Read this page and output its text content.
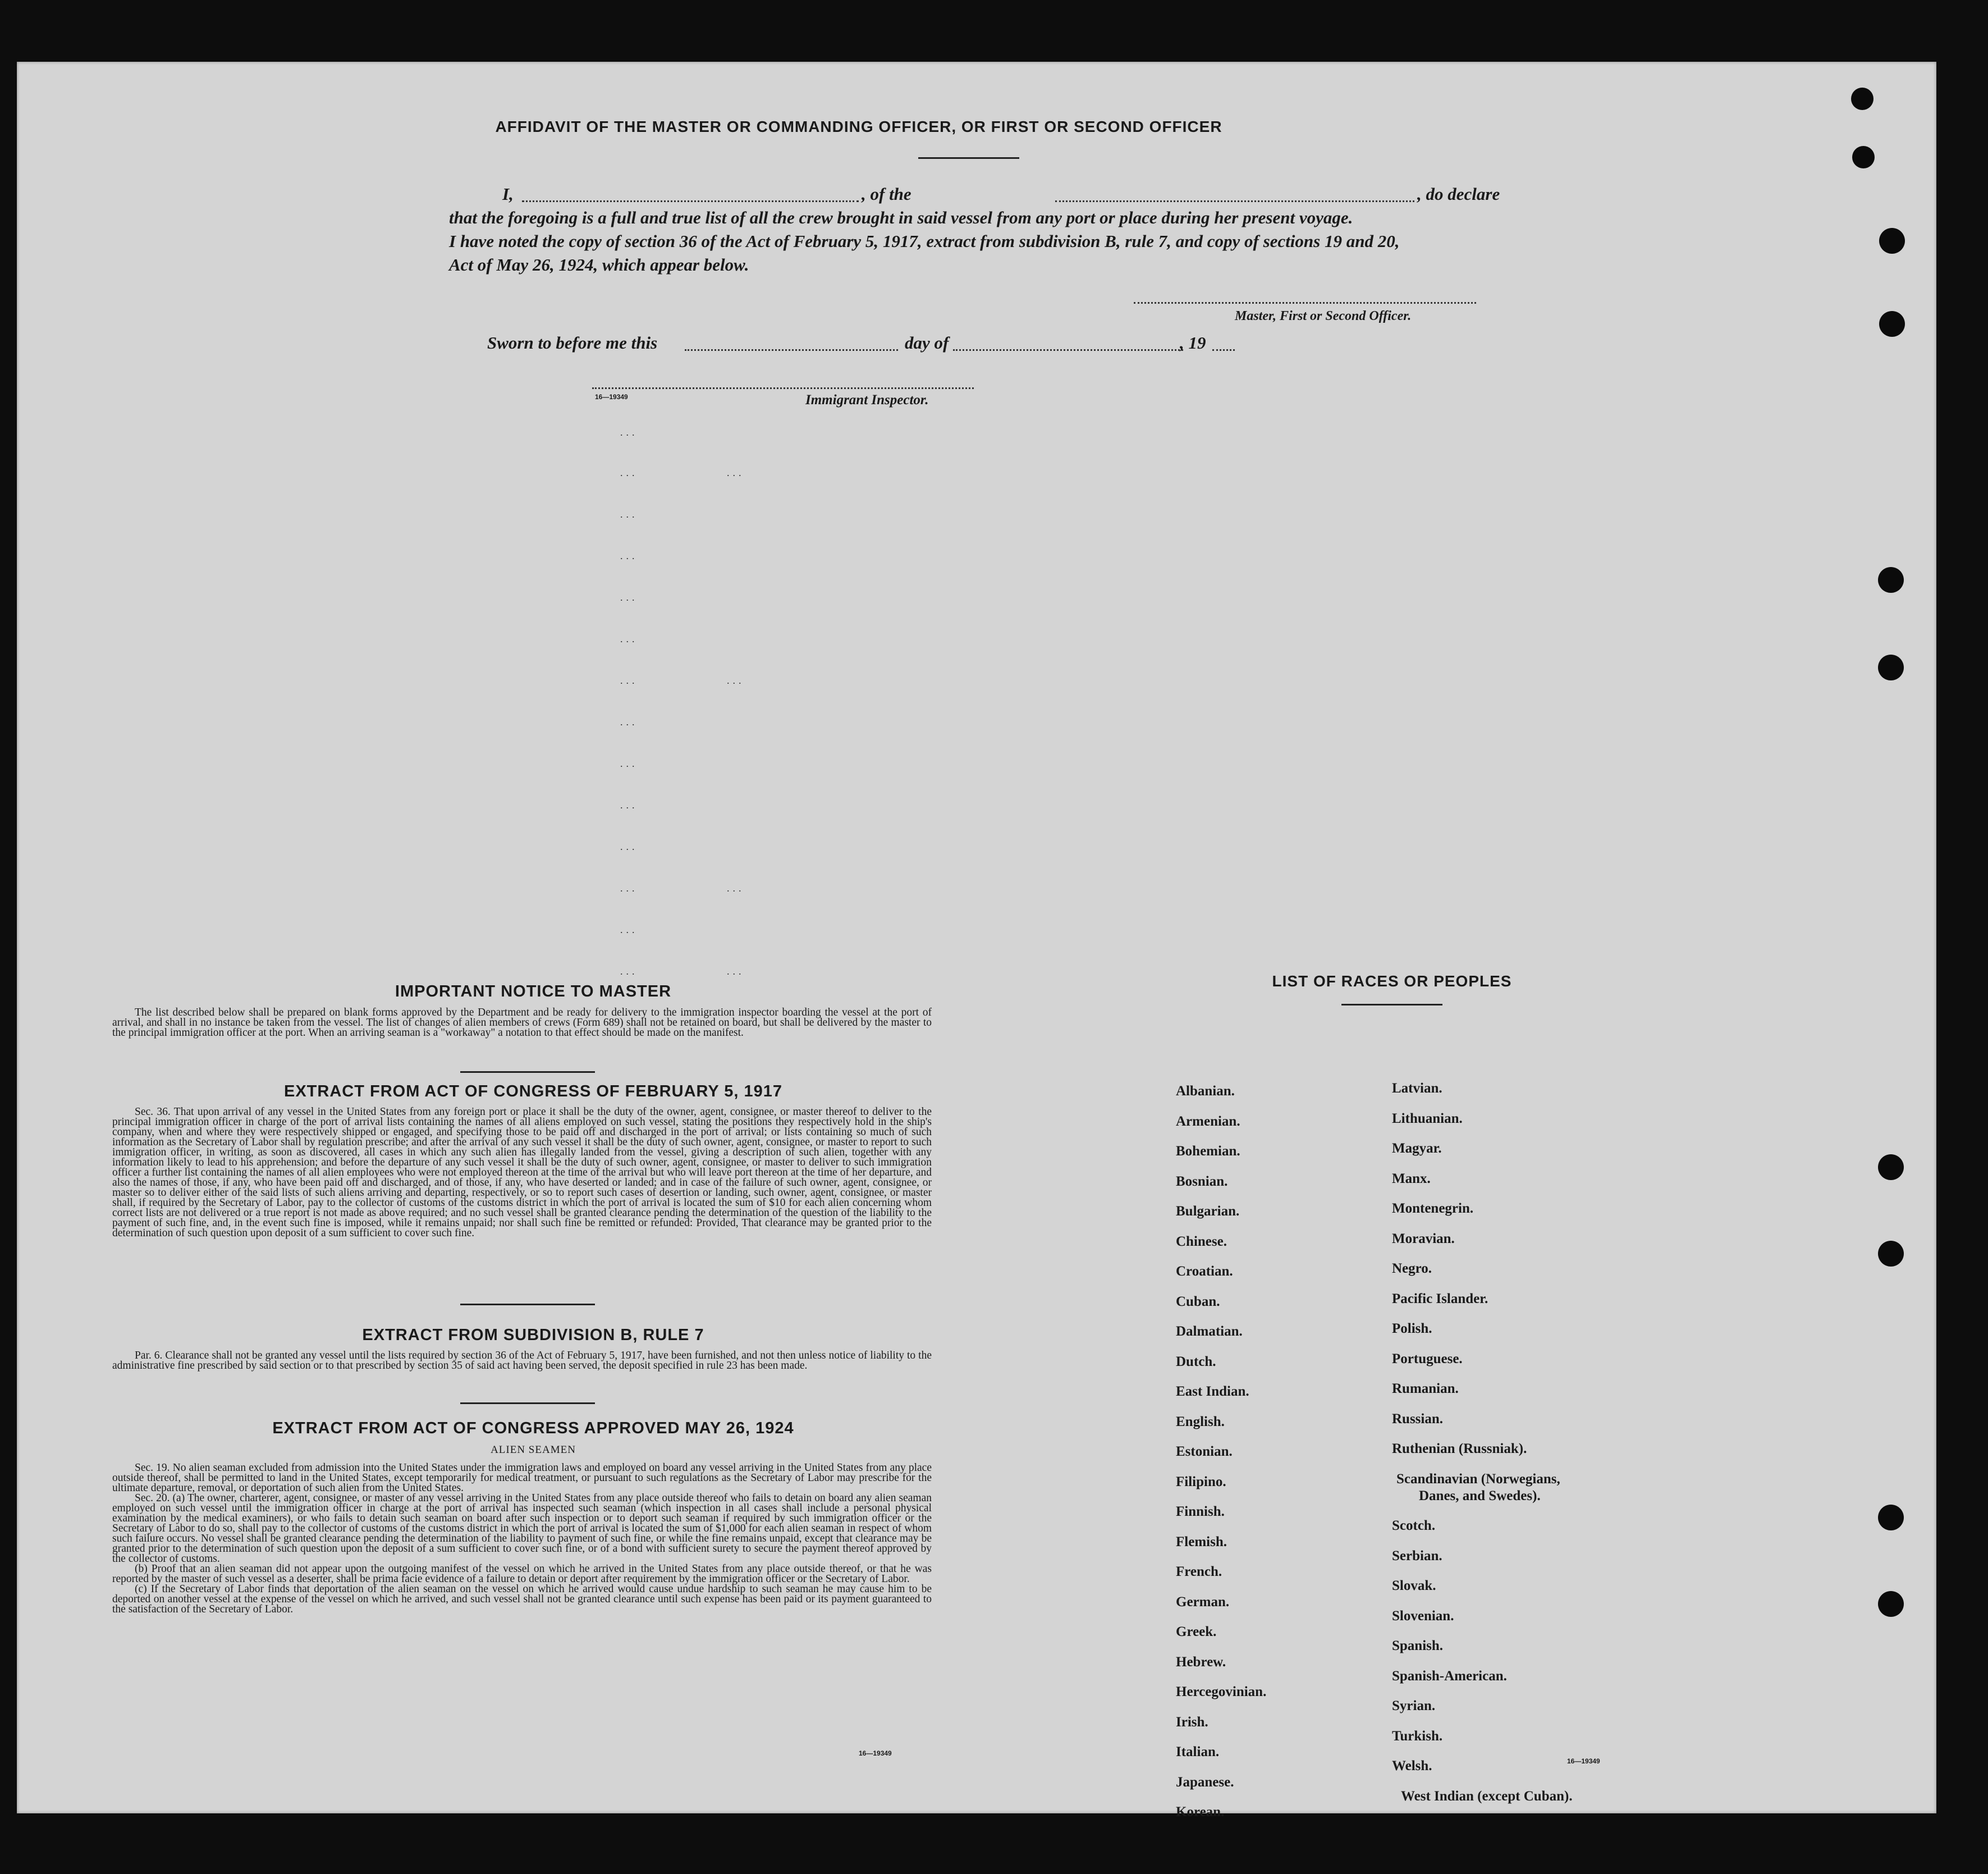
AFFIDAVIT OF THE MASTER OR COMMANDING OFFICER, OR FIRST OR SECOND OFFICER

I,	, of the	, do declare

that the foregoing is a full and true list of all the crew brought in said vessel from any port or place during her present voyage.

I have noted the copy of section 36 of the Act of February 5, 1917, extract from subdivision B, rule 7, and copy of sections 19 and 20,

Act of May 26, 1924, which appear below.

Master, First or Second Officer.
Sworn to before me this	day of	, 19
16—19349	Immigrant Inspector.
...
...
...
...
...
...
...
...
...
...
...
...
...
...
...
...
...
...
IMPORTANT NOTICE TO MASTER
The list described below shall be prepared on blank forms approved by the Department and be ready for delivery to the immigration inspector boarding the vessel at the port of arrival, and shall in no instance be taken from the vessel. The list of changes of alien members of crews (Form 689) shall not be retained on board, but shall be delivered by the master to the principal immigration officer at the port. When an arriving seaman is a "workaway" a notation to that effect should be made on the manifest.
EXTRACT FROM ACT OF CONGRESS OF FEBRUARY 5, 1917
Sec. 36. That upon arrival of any vessel in the United States from any foreign port or place it shall be the duty of the owner, agent, consignee, or master thereof to deliver to the principal immigration officer in charge of the port of arrival lists containing the names of all aliens employed on such vessel, stating the positions they respectively hold in the ship's company, when and where they were respectively shipped or engaged, and specifying those to be paid off and discharged in the port of arrival; or lists containing so much of such information as the Secretary of Labor shall by regulation prescribe; and after the arrival of any such vessel it shall be the duty of such owner, agent, consignee, or master to report to such immigration officer, in writing, as soon as discovered, all cases in which any such alien has illegally landed from the vessel, giving a description of such alien, together with any information likely to lead to his apprehension; and before the departure of any such vessel it shall be the duty of such owner, agent, consignee, or master to deliver to such immigration officer a further list containing the names of all alien employees who were not employed thereon at the time of the arrival but who will leave port thereon at the time of her departure, and also the names of those, if any, who have been paid off and discharged, and of those, if any, who have deserted or landed; and in case of the failure of such owner, agent, consignee, or master so to deliver either of the said lists of such aliens arriving and departing, respectively, or so to report such cases of desertion or landing, such owner, agent, consignee, or master shall, if required by the Secretary of Labor, pay to the collector of customs of the customs district in which the port of arrival is located the sum of $10 for each alien concerning whom correct lists are not delivered or a true report is not made as above required; and no such vessel shall be granted clearance pending the determination of the question of the liability to the payment of such fine, and, in the event such fine is imposed, while it remains unpaid; nor shall such fine be remitted or refunded: Provided, That clearance may be granted prior to the determination of such question upon deposit of a sum sufficient to cover such fine.
EXTRACT FROM SUBDIVISION B, RULE 7
Par. 6. Clearance shall not be granted any vessel until the lists required by section 36 of the Act of February 5, 1917, have been furnished, and not then unless notice of liability to the administrative fine prescribed by said section or to that prescribed by section 35 of said act having been served, the deposit specified in rule 23 has been made.
EXTRACT FROM ACT OF CONGRESS APPROVED MAY 26, 1924
ALIEN SEAMEN

Sec. 19. No alien seaman excluded from admission into the United States under the immigration laws and employed on board any vessel arriving in the United States from any place outside thereof, shall be permitted to land in the United States, except temporarily for medical treatment, or pursuant to such regulations as the Secretary of Labor may prescribe for the ultimate departure, removal, or deportation of such alien from the United States.

Sec. 20. (a) The owner, charterer, agent, consignee, or master of any vessel arriving in the United States from any place outside thereof who fails to detain on board any alien seaman employed on such vessel until the immigration officer in charge at the port of arrival has inspected such seaman (which inspection in all cases shall include a personal physical examination by the medical examiners), or who fails to detain such seaman on board after such inspection or to deport such seaman if required by such immigration officer or the Secretary of Labor to do so, shall pay to the collector of customs of the customs district in which the port of arrival is located the sum of $1,000 for each alien seaman in respect of whom such failure occurs. No vessel shall be granted clearance pending the determination of the liability to payment of such fine, or while the fine remains unpaid, except that clearance may be granted prior to the determination of such question upon the deposit of a sum sufficient to cover such fine, or of a bond with sufficient surety to secure the payment thereof approved by the collector of customs.

(b) Proof that an alien seaman did not appear upon the outgoing manifest of the vessel on which he arrived in the United States from any place outside thereof, or that he was reported by the master of such vessel as a deserter, shall be prima facie evidence of a failure to detain or deport after requirement by the immigration officer or the Secretary of Labor.

(c) If the Secretary of Labor finds that deportation of the alien seaman on the vessel on which he arrived would cause undue hardship to such seaman he may cause him to be deported on another vessel at the expense of the vessel on which he arrived, and such vessel shall not be granted clearance until such expense has been paid or its payment guaranteed to the satisfaction of the Secretary of Labor.

16—19349
LIST OF RACES OR PEOPLES
Albanian.
Armenian.
Bohemian.
Bosnian.
Bulgarian.
Chinese.
Croatian.
Cuban.
Dalmatian.
Dutch.
East Indian.
English.
Estonian.
Filipino.
Finnish.
Flemish.
French.
German.
Greek.
Hebrew.
Hercegovinian.
Irish.
Italian.
Japanese.
Korean.
Latvian.
Lithuanian.
Magyar.
Manx.
Montenegrin.
Moravian.
Negro.
Pacific Islander.
Polish.
Portuguese.
Rumanian.
Russian.
Ruthenian (Russniak).
Scandinavian (Norwegians,
Danes, and Swedes).
Scotch.
Serbian.
Slovak.
Slovenian.
Spanish.
Spanish-American.
Syrian.
Turkish.
Welsh.
West Indian (except Cuban).
16—19349
